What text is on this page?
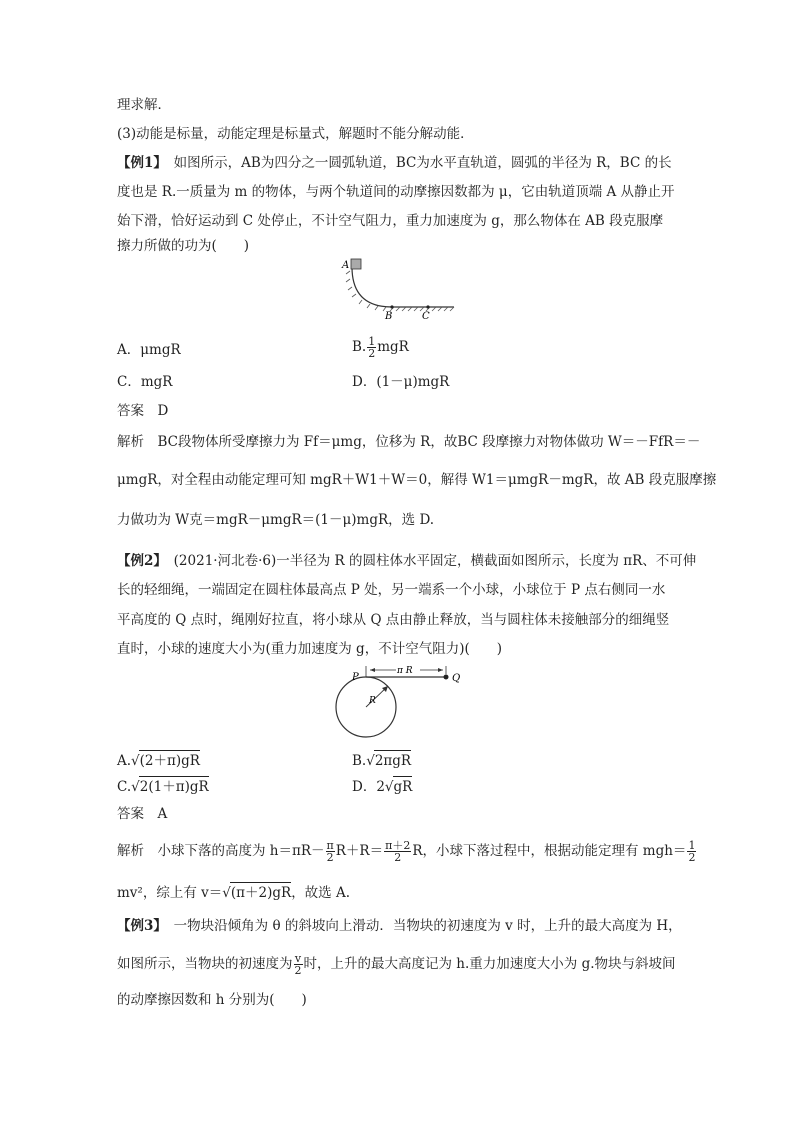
理求解．
(3)动能是标量，动能定理是标量式，解题时不能分解动能．
【例1】　 如图所示，AB为四分之一圆弧轨道，BC为水平直轨道，圆弧的半径为 R，BC 的长
度也是 R.一质量为 m 的物体，与两个轨道间的动摩擦因数都为 μ，它由轨道顶端 A 从静止开
始下滑，恰好运动到 C 处停止，不计空气阻力，重力加速度为 g，那么物体在 AB 段克服摩
擦力所做的功为(　　)
A
B	C
A．μmgR	B. $\frac{1}{2}$ mgR
C．mgR	D．(1－μ)mgR
答案　D
解析　BC段物体所受摩擦力为 Ff＝μmg，位移为 R，故BC 段摩擦力对物体做功 W＝－FfR＝－
μmgR，对全程由动能定理可知 mgR＋W1＋W＝0，解得 W1＝μmgR－mgR，故 AB 段克服摩擦
力做功为 W克＝mgR－μmgR＝(1－μ)mgR，选 D.
【例2】　 (2021·河北卷·6)一半径为 R 的圆柱体水平固定，横截面如图所示，长度为 πR、不可伸
长的轻细绳，一端固定在圆柱体最高点 P 处，另一端系一个小球，小球位于 P 点右侧同一水
平高度的 Q 点时，绳刚好拉直，将小球从 Q 点由静止释放，当与圆柱体未接触部分的细绳竖
直时，小球的速度大小为(重力加速度为 g，不计空气阻力)(　　)
P	Q
π R
R
A.√(2＋π)gR	B.√2πgR
C.√2(1＋π)gR	D．2√gR
答案　A
解析　小球下落的高度为 $h=\pi R- \frac{\pi}{2} R+R= \frac{\pi+2}{2}$ R，小球下落过程中，根据动能定理有 $mgh= \frac{1}{2}$
mv²，综上有 v＝√(π＋2)gR，故选 A.
【例3】　 一物块沿倾角为 θ 的斜坡向上滑动．当物块的初速度为 v 时，上升的最大高度为 H，
如图所示，当物块的初速度为 $\frac{v}{2}$ 时，上升的最大高度记为 h.重力加速度大小为 g.物块与斜坡间
的动摩擦因数和 h 分别为(　　)
